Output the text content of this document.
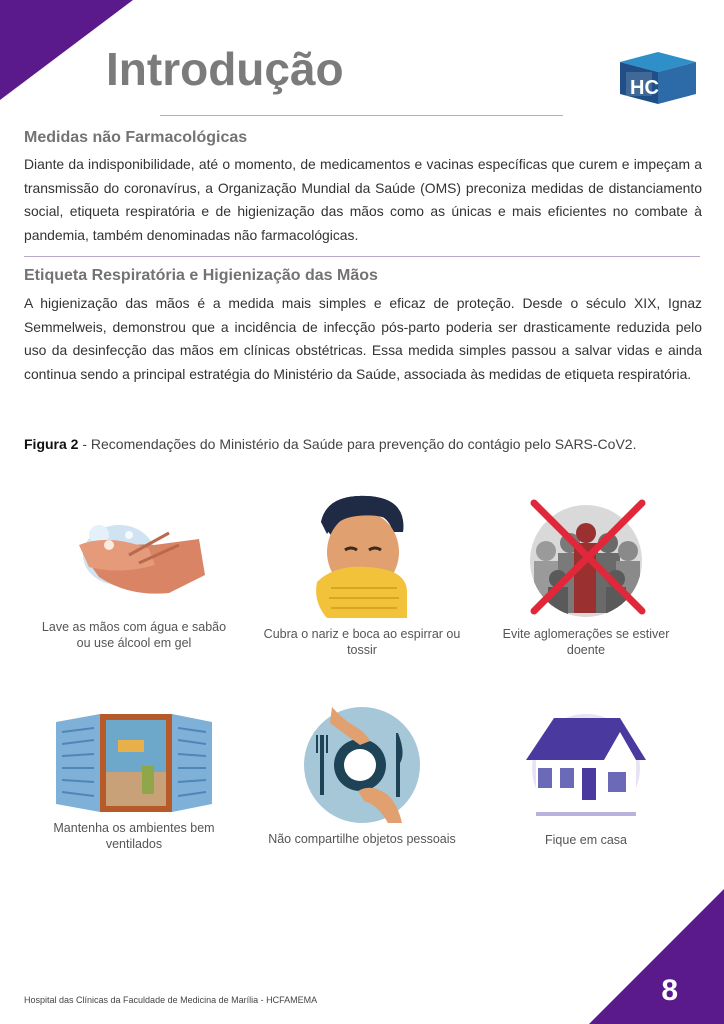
Introdução	HC
Medidas não Farmacológicas

Diante da indisponibilidade, até o momento, de medicamentos e vacinas específicas que curem e impeçam a transmissão do coronavírus, a Organização Mundial da Saúde (OMS) preconiza medidas de distanciamento social, etiqueta respiratória e de higienização das mãos como as únicas e mais eficientes no combate à pandemia, também denominadas não farmacológicas.

Etiqueta Respiratória e Higienização das Mãos

A higienização das mãos é a medida mais simples e eficaz de proteção. Desde o século XIX, Ignaz Semmelweis, demonstrou que a incidência de infecção pós-parto poderia ser drasticamente reduzida pelo uso da desinfecção das mãos em clínicas obstétricas. Essa medida simples passou a salvar vidas e ainda continua sendo a principal estratégia do Ministério da Saúde, associada às medidas de etiqueta respiratória.

Figura 2 - Recomendações do Ministério da Saúde para prevenção do contágio pelo SARS-CoV2.

Lave as mãos com água e sabão ou use álcool em gel
Cubra o nariz e boca ao espirrar ou tossir
Evite aglomerações se estiver doente
Mantenha os ambientes bem ventilados	Não compartilhe objetos pessoais	Fique em casa

Hospital das Clínicas da Faculdade de Medicina de Marília - HCFAMEMA	8
